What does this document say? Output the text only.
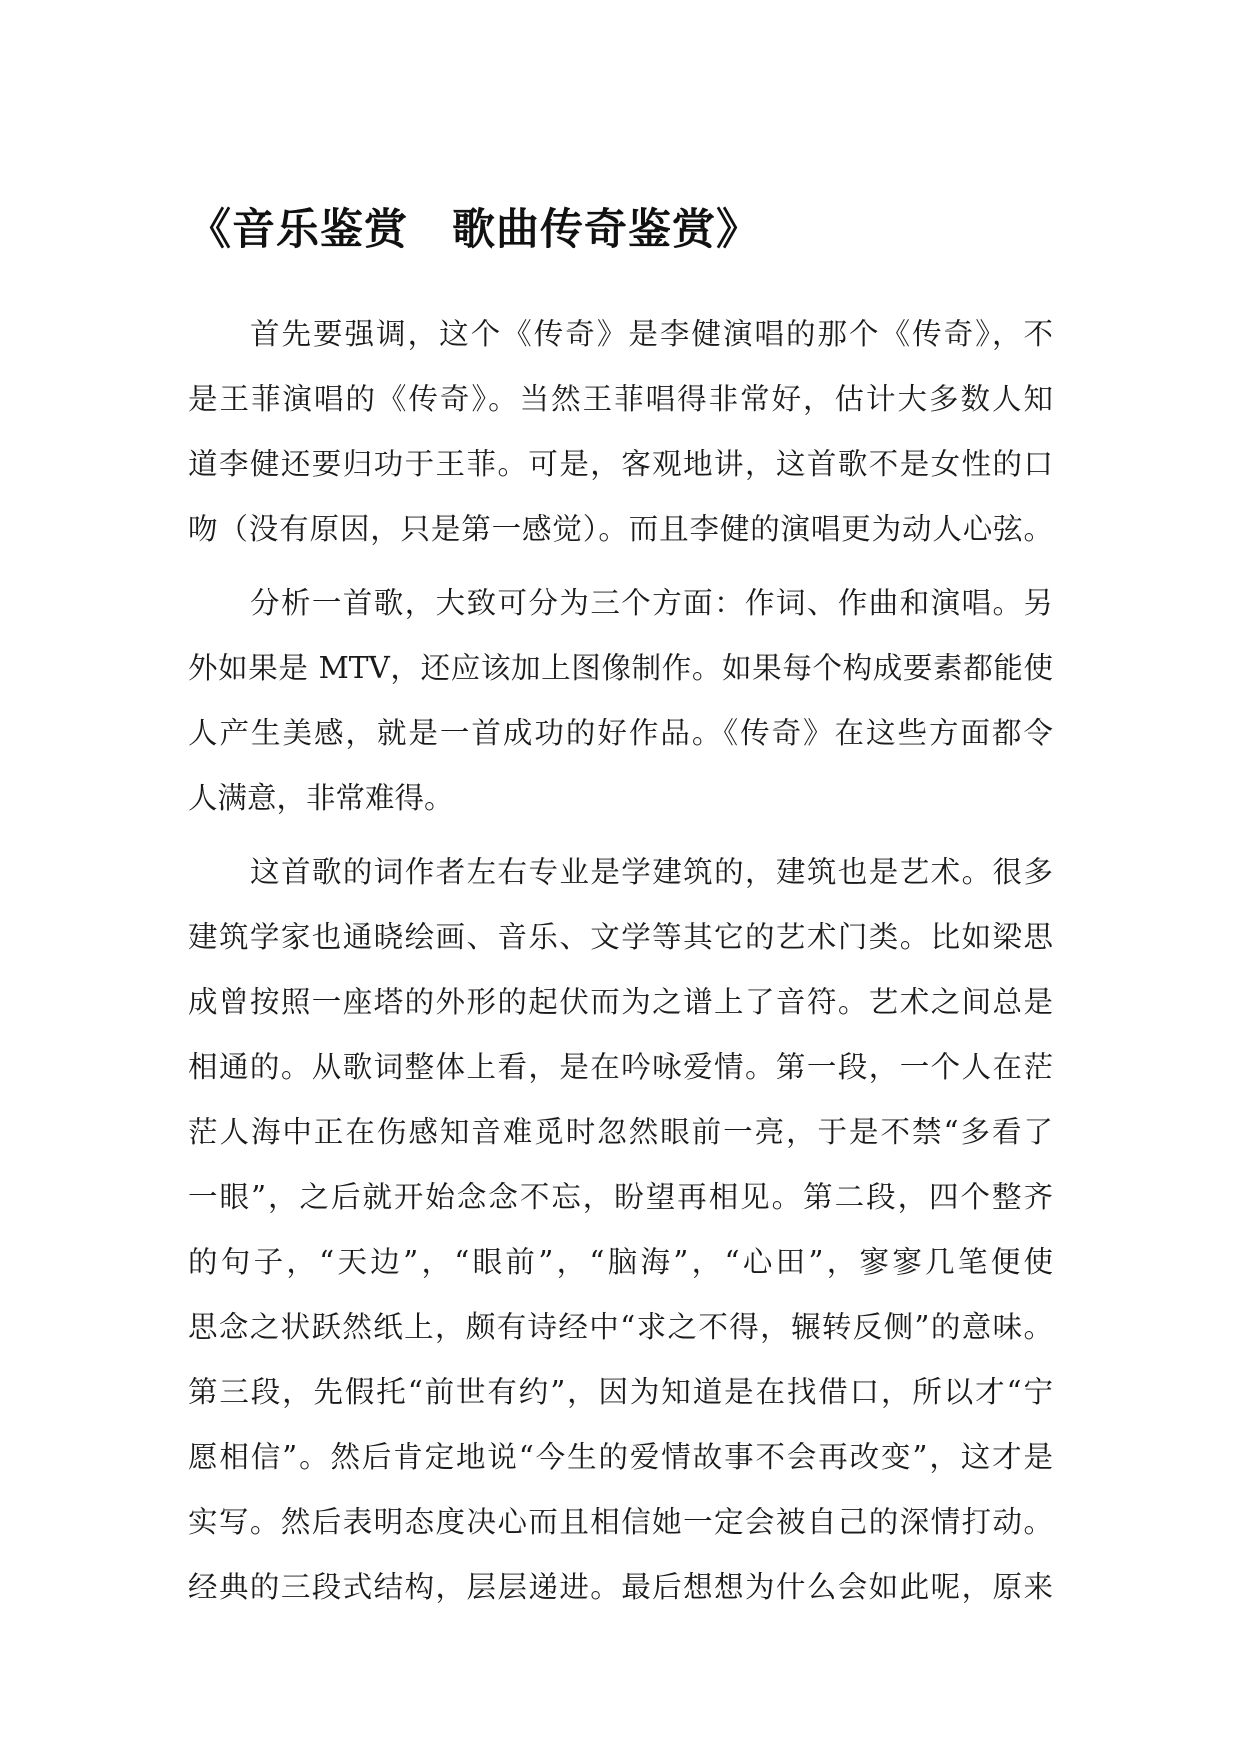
《音乐鉴赏　歌曲传奇鉴赏》
首先要强调，这个《传奇》是李健演唱的那个《传奇》，不
是王菲演唱的《传奇》。当然王菲唱得非常好，估计大多数人知
道李健还要归功于王菲。可是，客观地讲，这首歌不是女性的口
吻（没有原因，只是第一感觉）。而且李健的演唱更为动人心弦。
分析一首歌，大致可分为三个方面：作词、作曲和演唱。另
外如果是 MTV，还应该加上图像制作。如果每个构成要素都能使
人产生美感，就是一首成功的好作品。《传奇》在这些方面都令
人满意，非常难得。
这首歌的词作者左右专业是学建筑的，建筑也是艺术。很多
建筑学家也通晓绘画、音乐、文学等其它的艺术门类。比如梁思
成曾按照一座塔的外形的起伏而为之谱上了音符。艺术之间总是
相通的。从歌词整体上看，是在吟咏爱情。第一段，一个人在茫
茫人海中正在伤感知音难觅时忽然眼前一亮，于是不禁“多看了
一眼”，之后就开始念念不忘，盼望再相见。第二段，四个整齐
的句子，“天边”，“眼前”，“脑海”，“心田”，寥寥几笔便使
思念之状跃然纸上，颇有诗经中“求之不得，辗转反侧”的意味。
第三段，先假托“前世有约”，因为知道是在找借口，所以才“宁
愿相信”。然后肯定地说“今生的爱情故事不会再改变”，这才是
实写。然后表明态度决心而且相信她一定会被自己的深情打动。
经典的三段式结构，层层递进。最后想想为什么会如此呢，原来
